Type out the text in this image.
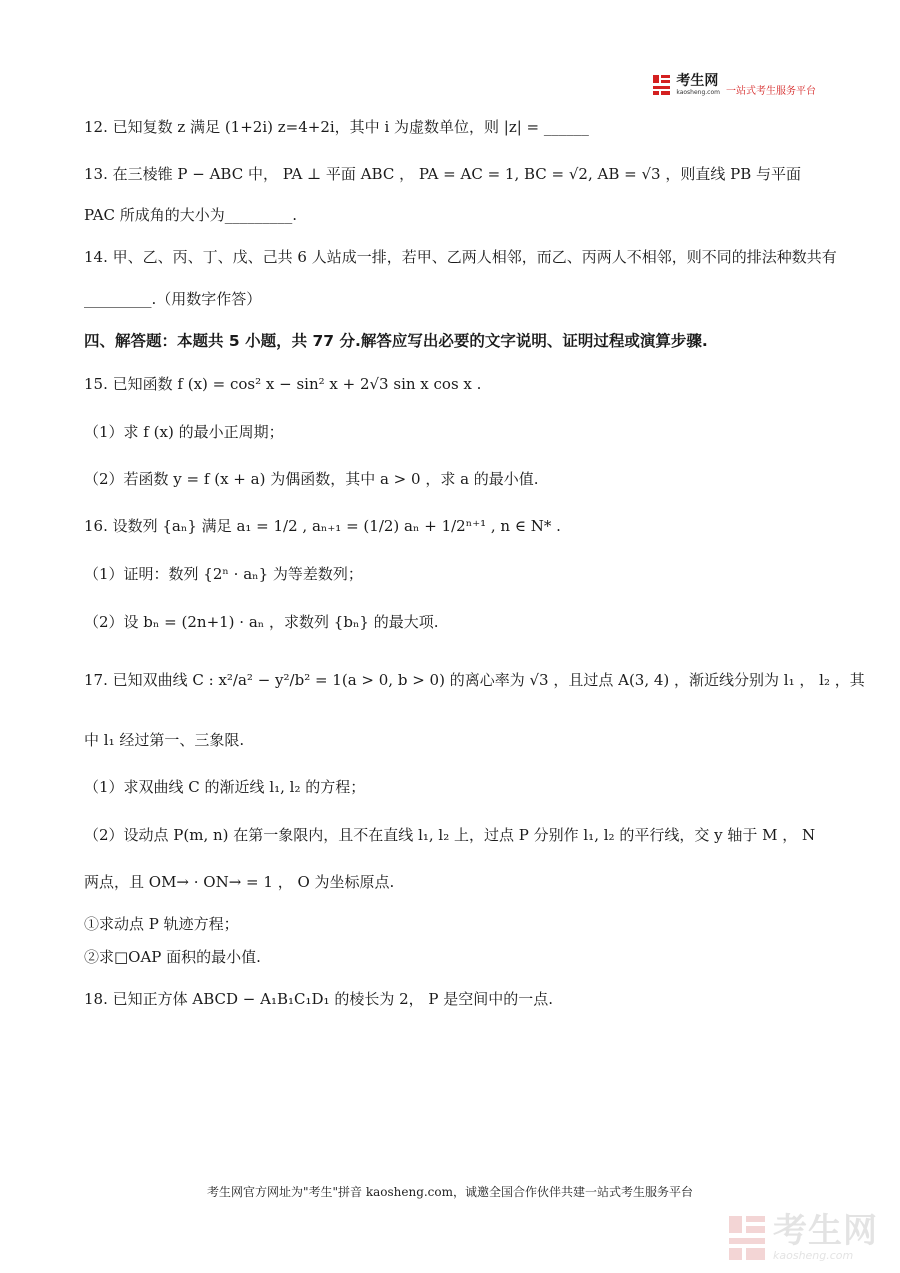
考生网
kaosheng.com 一站式考生服务平台
12. 已知复数 z 满足 (1+2i) z=4+2i，其中 i 为虚数单位，则 |z| = ______
13. 在三棱锥 P − ABC 中， PA ⊥ 平面 ABC ， PA = AC = 1, BC = √2, AB = √3 ，则直线 PB 与平面
PAC 所成角的大小为_________.
14. 甲、乙、丙、丁、戊、己共 6 人站成一排，若甲、乙两人相邻，而乙、丙两人不相邻，则不同的排法种数共有
_________.（用数字作答）
四、解答题：本题共 5 小题，共 77 分.解答应写出必要的文字说明、证明过程或演算步骤.
15. 已知函数 f (x) = cos² x − sin² x + 2√3 sin x cos x .
（1）求 f (x) 的最小正周期；
（2）若函数 y = f (x + a) 为偶函数，其中 a > 0 ，求 a 的最小值.
16. 设数列 {aₙ} 满足 a₁ = 1/2 , aₙ₊₁ = (1/2) aₙ + 1/2ⁿ⁺¹ , n ∈ N* .
（1）证明：数列 {2ⁿ · aₙ} 为等差数列；
（2）设 bₙ = (2n+1) · aₙ ，求数列 {bₙ} 的最大项.
17. 已知双曲线 C : x²/a² − y²/b² = 1(a > 0, b > 0) 的离心率为 √3 ，且过点 A(3, 4) ，渐近线分别为 l₁ ， l₂ ，其
中 l₁ 经过第一、三象限.
（1）求双曲线 C 的渐近线 l₁, l₂ 的方程；
（2）设动点 P(m, n) 在第一象限内，且不在直线 l₁, l₂ 上，过点 P 分别作 l₁, l₂ 的平行线，交 y 轴于 M ， N
两点，且 OM→ · ON→ = 1 ， O 为坐标原点.
①求动点 P 轨迹方程；
②求□OAP 面积的最小值.
18. 已知正方体 ABCD − A₁B₁C₁D₁ 的棱长为 2， P 是空间中的一点.
考生网官方网址为"考生"拼音 kaosheng.com，诚邀全国合作伙伴共建一站式考生服务平台
考生网
kaosheng.com
